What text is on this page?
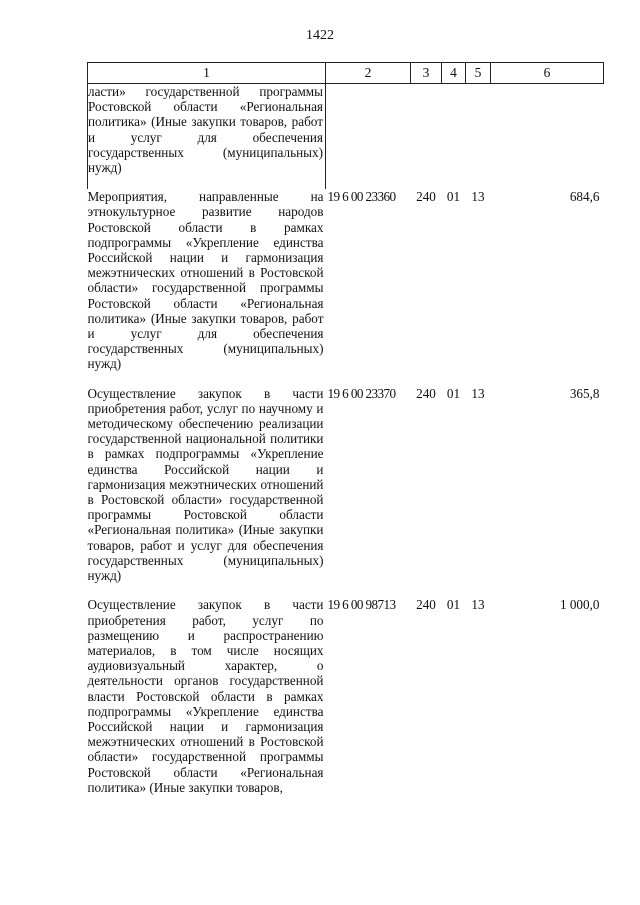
1422
1	2	3	4	5	6
ласти» государственной программы Ростовской области «Региональная политика» (Иные закупки товаров, работ и услуг для обеспечения государственных (муниципальных) нужд)					
Мероприятия, направленные на этнокультурное развитие народов Ростовской области в рамках подпрограммы «Укрепление единства Российской нации и гармонизация межэтнических отношений в Ростовской области» государственной программы Ростовской области «Региональная политика» (Иные закупки товаров, работ и услуг для обеспечения государственных (муниципальных) нужд)	19 6 00 23360	240	01	13	684,6
Осуществление закупок в части приобретения работ, услуг по научному и методическому обеспечению реализации государственной национальной политики в рамках подпрограммы «Укрепление единства Российской нации и гармонизация межэтнических отношений в Ростовской области» государственной программы Ростовской области «Региональная политика» (Иные закупки товаров, работ и услуг для обеспечения государственных (муниципальных) нужд)	19 6 00 23370	240	01	13	365,8
Осуществление закупок в части приобретения работ, услуг по размещению и распространению материалов, в том числе носящих аудиовизуальный характер, о деятельности органов государственной власти Ростовской области в рамках подпрограммы «Укрепление единства Российской нации и гармонизация межэтнических отношений в Ростовской области» государственной программы Ростовской области «Региональная политика» (Иные закупки товаров,	19 6 00 98713	240	01	13	1 000,0
